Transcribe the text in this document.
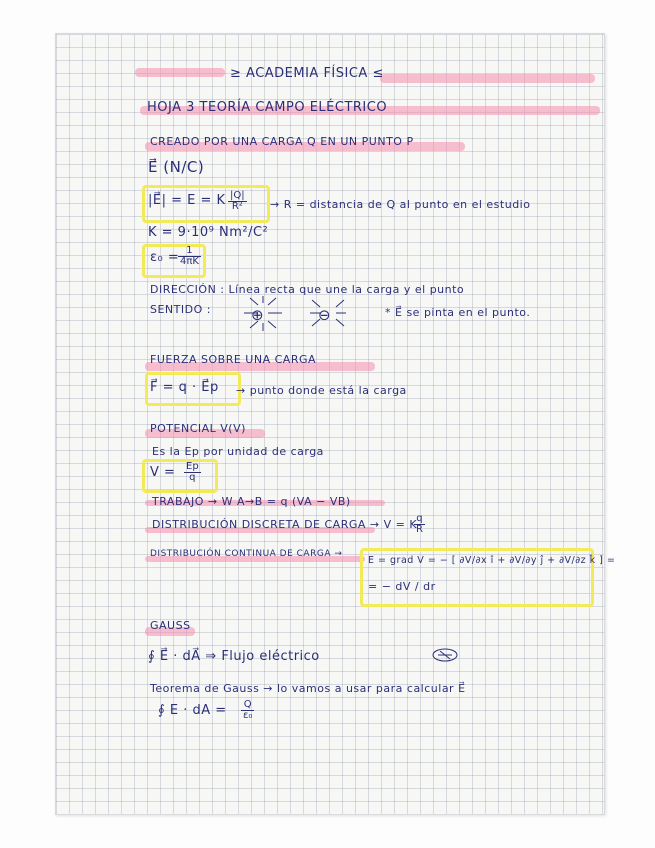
≥ ACADEMIA FÍSICA ≤
HOJA 3 TEORÍA CAMPO ELÉCTRICO
CREADO POR UNA CARGA Q EN UN PUNTO P
E⃗ (N/C)
|E⃗| = E = K $\frac{|Q|}{\text{R²}} \to R$ = distancia de Q al punto en el estudio
K = 9·10⁹ Nm²/C²
ε₀ =
$\frac{1}{4\pi K}$
DIRECCIÓN : Línea recta que une la carga y el punto
SENTIDO :	⊕	⊖	* E⃗ se pinta en el punto.
FUERZA SOBRE UNA CARGA
F⃗ = q · E⃗p → punto donde está la carga
POTENCIAL V(V)
Es la Ep por unidad de carga
$V = \frac{Ep}{q}$
TRABAJO → W A→B = q (VA − VB)
DISTRIBUCIÓN DISCRETA DE CARGA → V = K
$\frac{q}{R}$
DISTRIBUCIÓN CONTINUA DE CARGA →
E = grad V = − [ ∂V/∂x î + ∂V/∂y ĵ + ∂V/∂z k̂ ] =
= − dV / dr
GAUSS
∮ E⃗ · dA⃗ ⇒ Flujo eléctrico
Teorema de Gauss → lo vamos a usar para calcular E⃗
∮ E · dA = $\frac{Q}{\text{ε₀}}$
